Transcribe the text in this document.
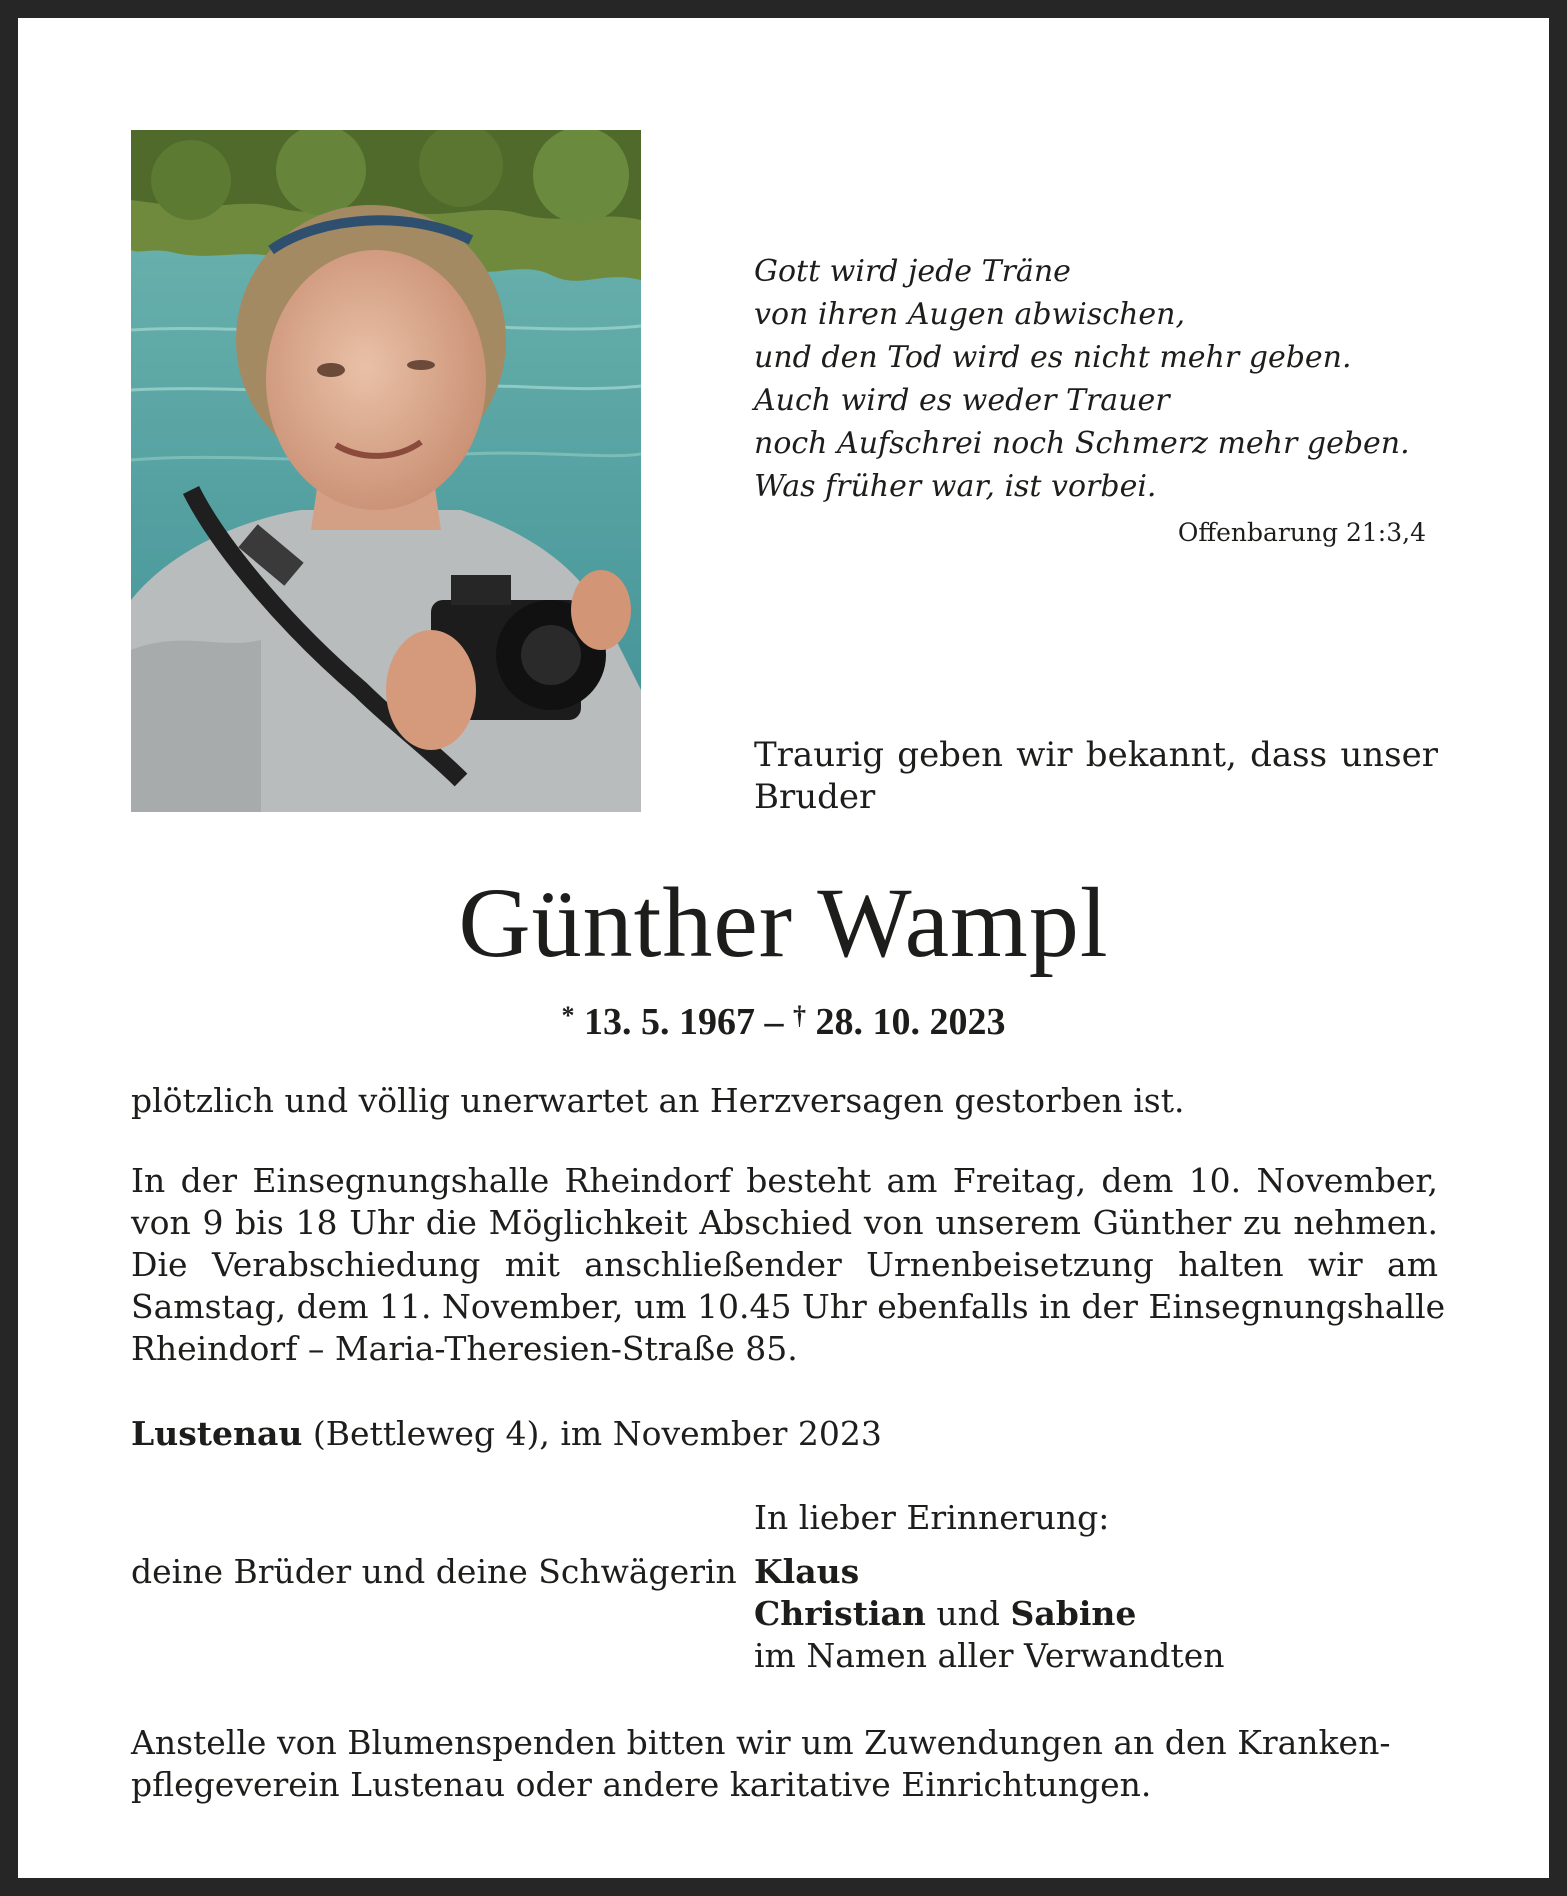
Gott wird jede Träne
von ihren Augen abwischen,
und den Tod wird es nicht mehr geben.
Auch wird es weder Trauer
noch Aufschrei noch Schmerz mehr geben.
Was früher war, ist vorbei.
Offenbarung 21:3,4
Traurig geben wir bekannt, dass unser Bruder
Günther Wampl
* 13. 5. 1967 – † 28. 10. 2023
plötzlich und völlig unerwartet an Herzversagen gestorben ist.
In der Einsegnungshalle Rheindorf besteht am Freitag, dem 10. November,
von 9 bis 18 Uhr die Möglichkeit Abschied von unserem Günther zu nehmen.
Die Verabschiedung mit anschließender Urnenbeisetzung halten wir am
Samstag, dem 11. November, um 10.45 Uhr ebenfalls in der Einsegnungshalle
Rheindorf – Maria-Theresien-Straße 85.
Lustenau (Bettleweg 4), im November 2023
In lieber Erinnerung:
deine Brüder und deine Schwägerin Klaus
Christian und Sabine
im Namen aller Verwandten
Anstelle von Blumenspenden bitten wir um Zuwendungen an den Kranken-
pflegeverein Lustenau oder andere karitative Einrichtungen.
